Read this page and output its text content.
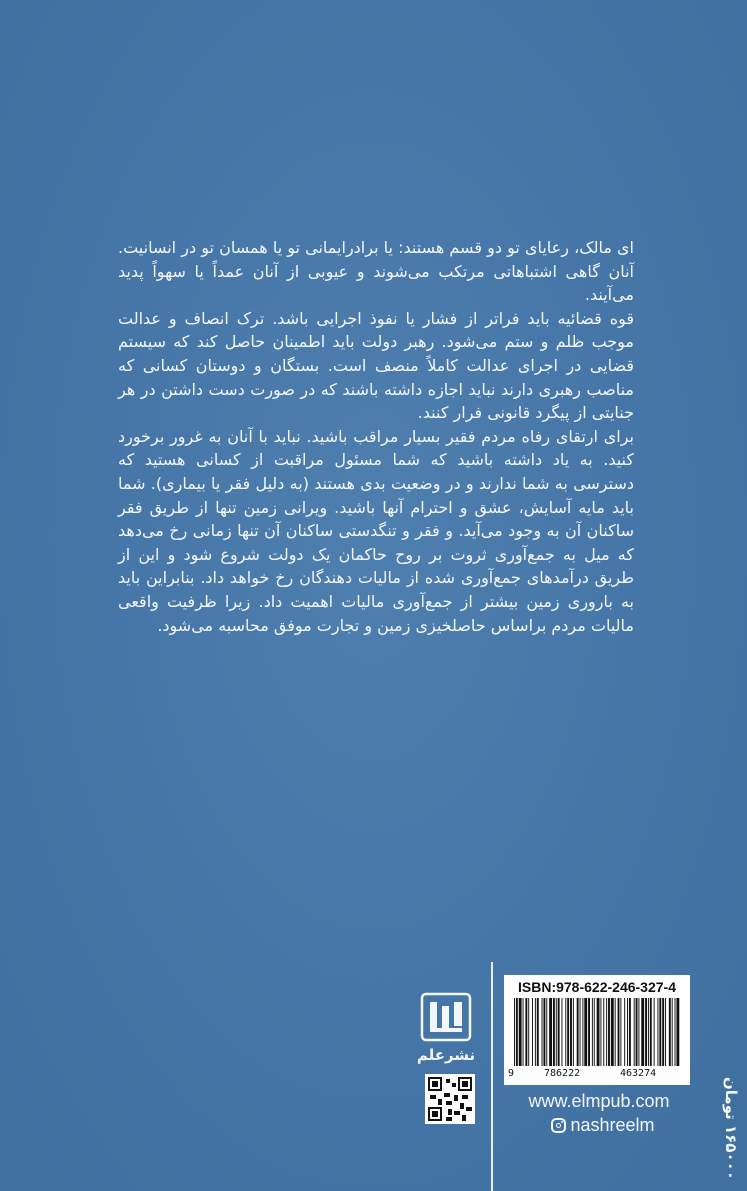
ای مالک، رعایای تو دو قسم هستند: یا برادرایمانی تو یا همسان تو در انسانیت. آنان گاهی اشتباهاتی مرتکب می‌شوند و عیوبی از آنان عمداً یا سهواً پدید می‌آیند.

قوه قضائیه باید فراتر از فشار یا نفوذ اجرایی باشد. ترک انصاف و عدالت موجب ظلم و ستم می‌شود. رهبر دولت باید اطمینان حاصل کند که سیستم قضایی در اجرای عدالت کاملاً منصف است. بستگان و دوستان کسانی که مناصب رهبری دارند نباید اجازه داشته باشند که در صورت دست داشتن در هر جنایتی از پیگرد قانونی فرار کنند.

برای ارتقای رفاه مردم فقیر بسیار مراقب باشید. نباید با آنان به غرور برخورد کنید. به یاد داشته باشید که شما مسئول مراقبت از کسانی هستید که دسترسی به شما ندارند و در وضعیت بدی هستند (به دلیل فقر یا بیماری). شما باید مایه آسایش، عشق و احترام آنها باشید. ویرانی زمین تنها از طریق فقر ساکنان آن به وجود می‌آید. و فقر و تنگدستی ساکنان آن تنها زمانی رخ می‌دهد که میل به جمع‌آوری ثروت بر روح حاکمان یک دولت شروع شود و این از طریق درآمدهای جمع‌آوری شده از مالیات دهندگان رخ خواهد داد. بنابراین باید به باروری زمین بیشتر از جمع‌آوری مالیات اهمیت داد. زیرا ظرفیت واقعی مالیات مردم براساس حاصلخیزی زمین و تجارت موفق محاسبه می‌شود.

نشرعلم
ISBN:978-622-246-327-4
9	786222	463274
۱۶۵۰۰۰ تومان
www.elmpub.com
nashreelm
